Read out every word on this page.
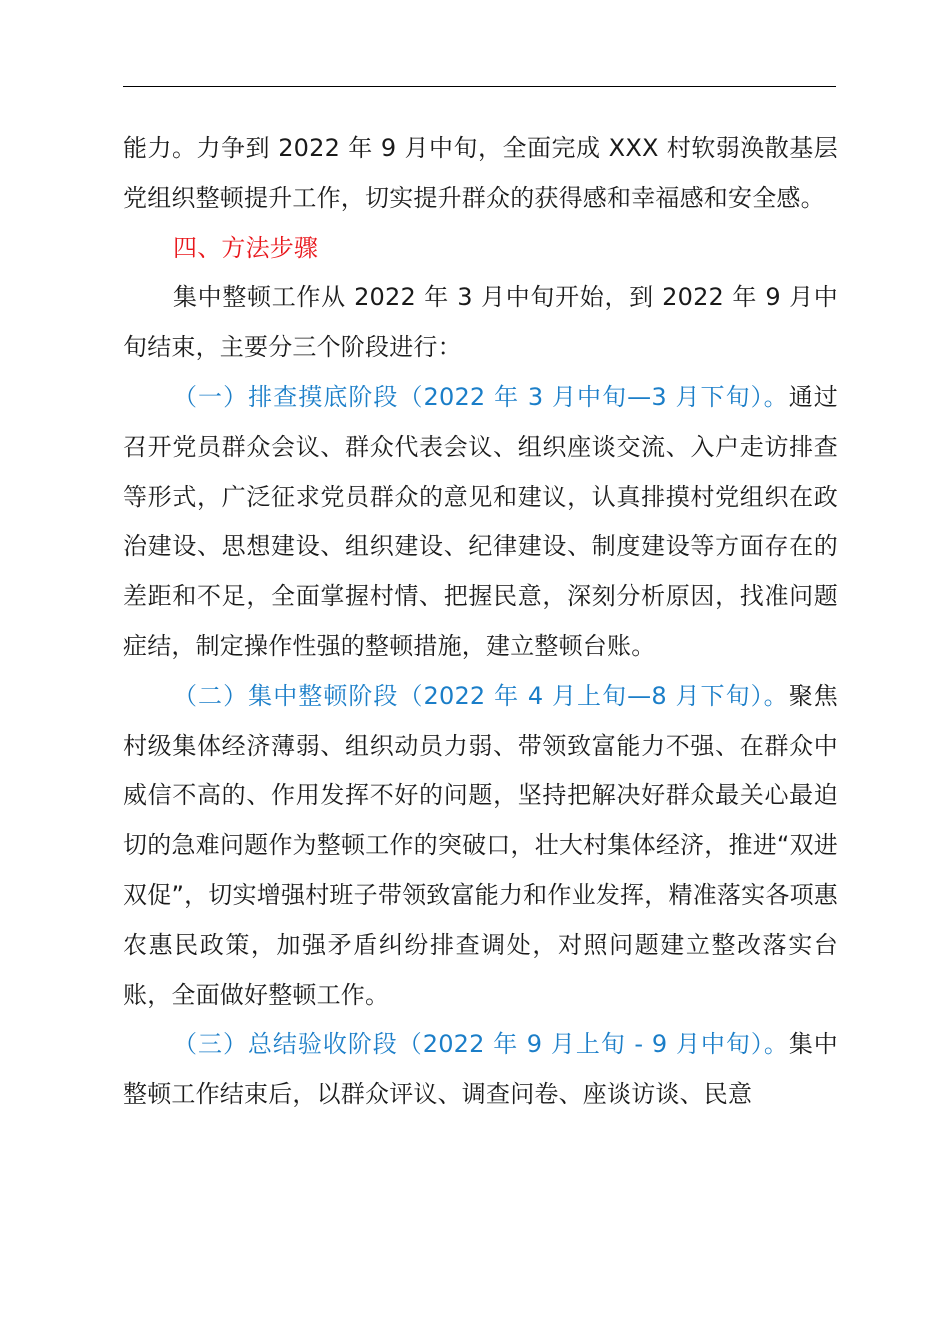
能力。力争到 2022 年 9 月中旬，全面完成 XXX 村软弱涣散基层党组织整顿提升工作，切实提升群众的获得感和幸福感和安全感。

四、方法步骤

集中整顿工作从 2022 年 3 月中旬开始，到 2022 年 9 月中旬结束，主要分三个阶段进行：

（一）排查摸底阶段（2022 年 3 月中旬—3 月下旬）。通过召开党员群众会议、群众代表会议、组织座谈交流、入户走访排查等形式，广泛征求党员群众的意见和建议，认真排摸村党组织在政治建设、思想建设、组织建设、纪律建设、制度建设等方面存在的差距和不足，全面掌握村情、把握民意，深刻分析原因，找准问题症结，制定操作性强的整顿措施，建立整顿台账。

（二）集中整顿阶段（2022 年 4 月上旬—8 月下旬）。聚焦村级集体经济薄弱、组织动员力弱、带领致富能力不强、在群众中威信不高的、作用发挥不好的问题，坚持把解决好群众最关心最迫切的急难问题作为整顿工作的突破口，壮大村集体经济，推进“双进双促”，切实增强村班子带领致富能力和作业发挥，精准落实各项惠农惠民政策，加强矛盾纠纷排查调处，对照问题建立整改落实台账，全面做好整顿工作。

（三）总结验收阶段（2022 年 9 月上旬 - 9 月中旬）。集中整顿工作结束后，以群众评议、调查问卷、座谈访谈、民意
